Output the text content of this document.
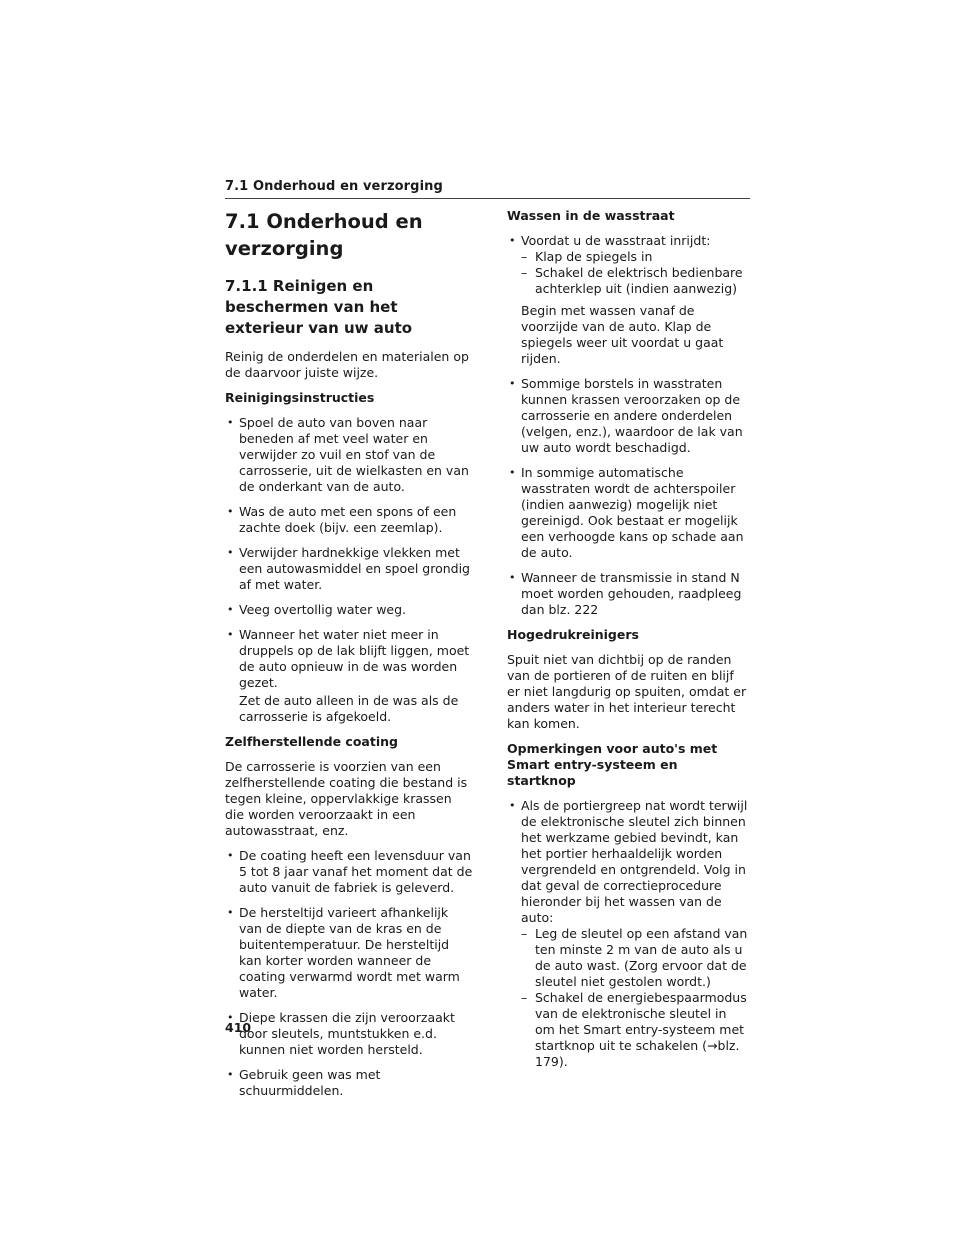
7.1 Onderhoud en verzorging
7.1 Onderhoud en verzorging
7.1.1 Reinigen en beschermen van het exterieur van uw auto

Reinig de onderdelen en materialen op de daarvoor juiste wijze.

Reinigingsinstructies
• Spoel de auto van boven naar beneden af met veel water en verwijder zo vuil en stof van de carrosserie, uit de wielkasten en van de onderkant van de auto.
• Was de auto met een spons of een zachte doek (bijv. een zeemlap).
• Verwijder hardnekkige vlekken met een autowasmiddel en spoel grondig af met water.
• Veeg overtollig water weg.
• Wanneer het water niet meer in druppels op de lak blijft liggen, moet de auto opnieuw in de was worden gezet.

Zet de auto alleen in de was als de carrosserie is afgekoeld.

Zelfherstellende coating

De carrosserie is voorzien van een zelfherstellende coating die bestand is tegen kleine, oppervlakkige krassen die worden veroorzaakt in een autowasstraat, enz.

• De coating heeft een levensduur van 5 tot 8 jaar vanaf het moment dat de auto vanuit de fabriek is geleverd.
• De hersteltijd varieert afhankelijk van de diepte van de kras en de buitentemperatuur. De hersteltijd kan korter worden wanneer de coating verwarmd wordt met warm water.
• Diepe krassen die zijn veroorzaakt door sleutels, muntstukken e.d. kunnen niet worden hersteld.
• Gebruik geen was met schuurmiddelen.
Wassen in de wasstraat
• Voordat u de wasstraat inrijdt:
– Klap de spiegels in
– Schakel de elektrisch bedienbare achterklep uit (indien aanwezig)

Begin met wassen vanaf de voorzijde van de auto. Klap de spiegels weer uit voordat u gaat rijden.

• Sommige borstels in wasstraten kunnen krassen veroorzaken op de carrosserie en andere onderdelen (velgen, enz.), waardoor de lak van uw auto wordt beschadigd.
• In sommige automatische wasstraten wordt de achterspoiler (indien aanwezig) mogelijk niet gereinigd. Ook bestaat er mogelijk een verhoogde kans op schade aan de auto.
• Wanneer de transmissie in stand N moet worden gehouden, raadpleeg dan blz. 222
Hogedrukreinigers

Spuit niet van dichtbij op de randen van de portieren of de ruiten en blijf er niet langdurig op spuiten, omdat er anders water in het interieur terecht kan komen.

Opmerkingen voor auto's met Smart entry-systeem en startknop
• Als de portiergreep nat wordt terwijl de elektronische sleutel zich binnen het werkzame gebied bevindt, kan het portier herhaaldelijk worden vergrendeld en ontgrendeld. Volg in dat geval de correctieprocedure hieronder bij het wassen van de auto:
– Leg de sleutel op een afstand van ten minste 2 m van de auto als u de auto wast. (Zorg ervoor dat de sleutel niet gestolen wordt.)
– Schakel de energiebespaarmodus van de elektronische sleutel in om het Smart entry-systeem met startknop uit te schakelen (→blz. 179).
410
